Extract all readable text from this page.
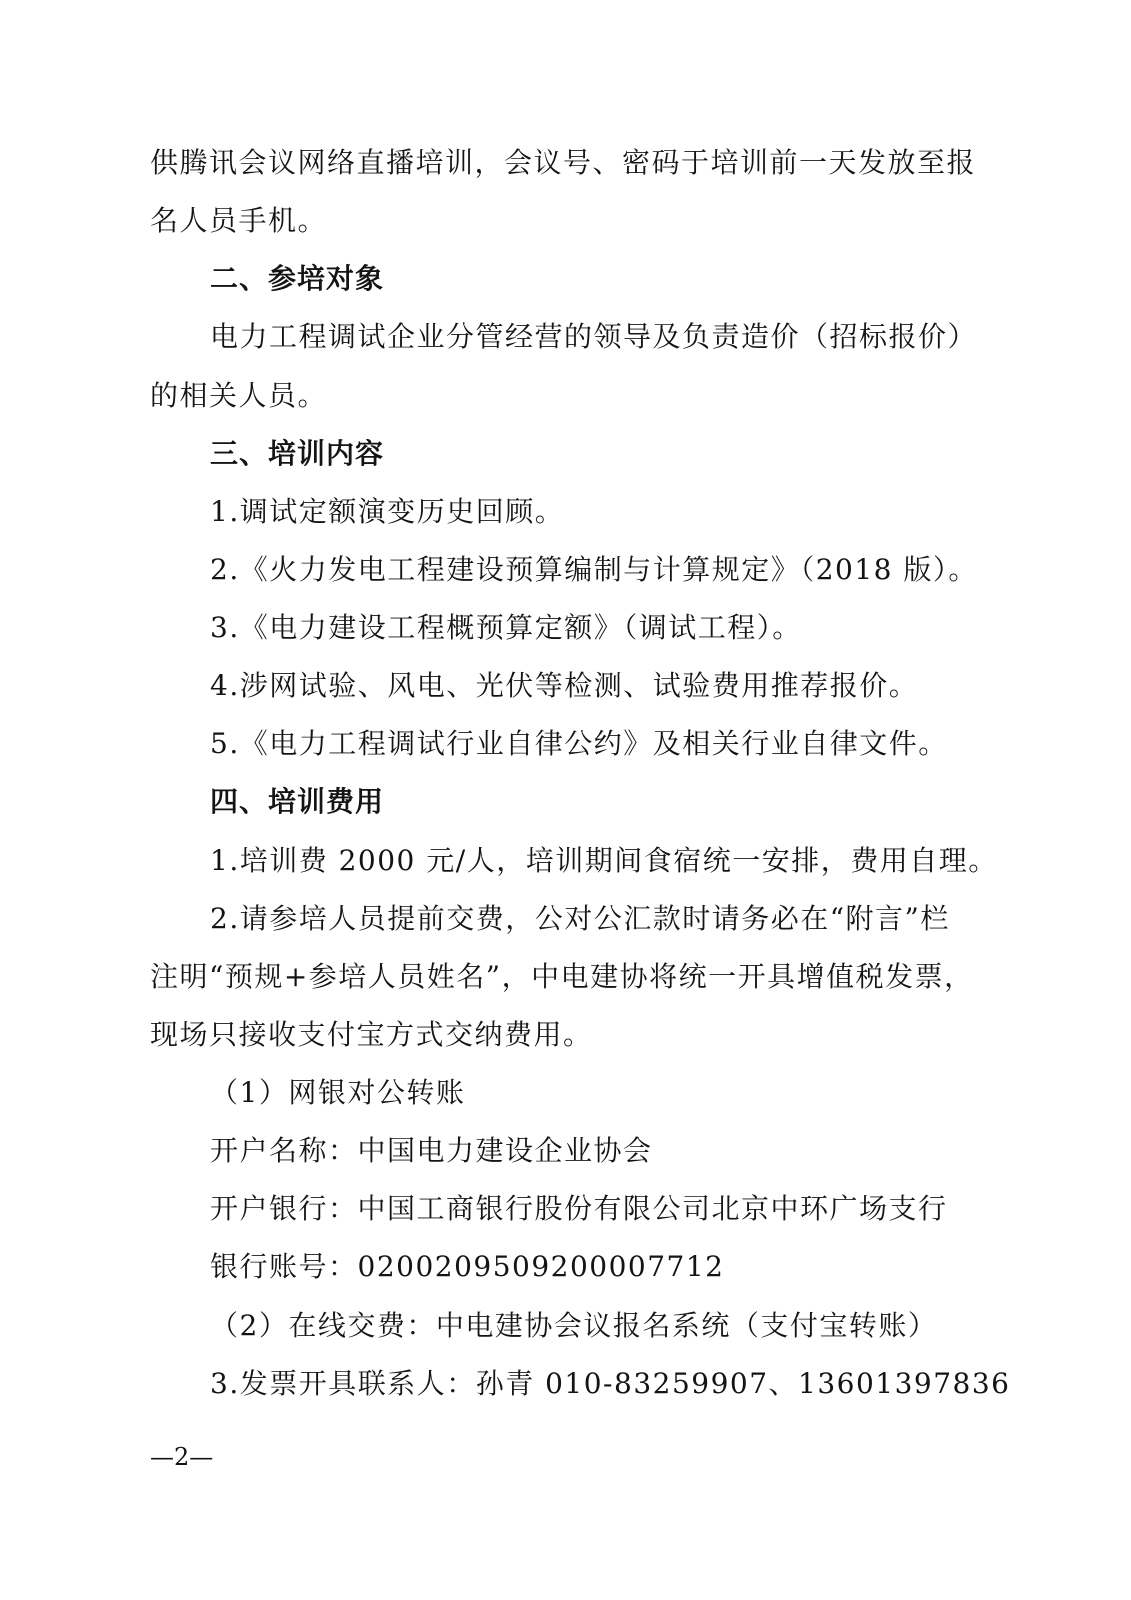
供腾讯会议网络直播培训，会议号、密码于培训前一天发放至报
名人员手机。
二、参培对象
电力工程调试企业分管经营的领导及负责造价（招标报价）
的相关人员。
三、培训内容
1.调试定额演变历史回顾。
2.《火力发电工程建设预算编制与计算规定》（2018 版）。
3.《电力建设工程概预算定额》（调试工程）。
4.涉网试验、风电、光伏等检测、试验费用推荐报价。
5.《电力工程调试行业自律公约》及相关行业自律文件。
四、培训费用
1.培训费 2000 元/人，培训期间食宿统一安排，费用自理。
2.请参培人员提前交费，公对公汇款时请务必在“附言”栏
注明“预规+参培人员姓名”，中电建协将统一开具增值税发票，
现场只接收支付宝方式交纳费用。
（1）网银对公转账
开户名称：中国电力建设企业协会
开户银行：中国工商银行股份有限公司北京中环广场支行
银行账号：0200209509200007712
（2）在线交费：中电建协会议报名系统（支付宝转账）
3.发票开具联系人：孙青 010-83259907、13601397836
—2—
